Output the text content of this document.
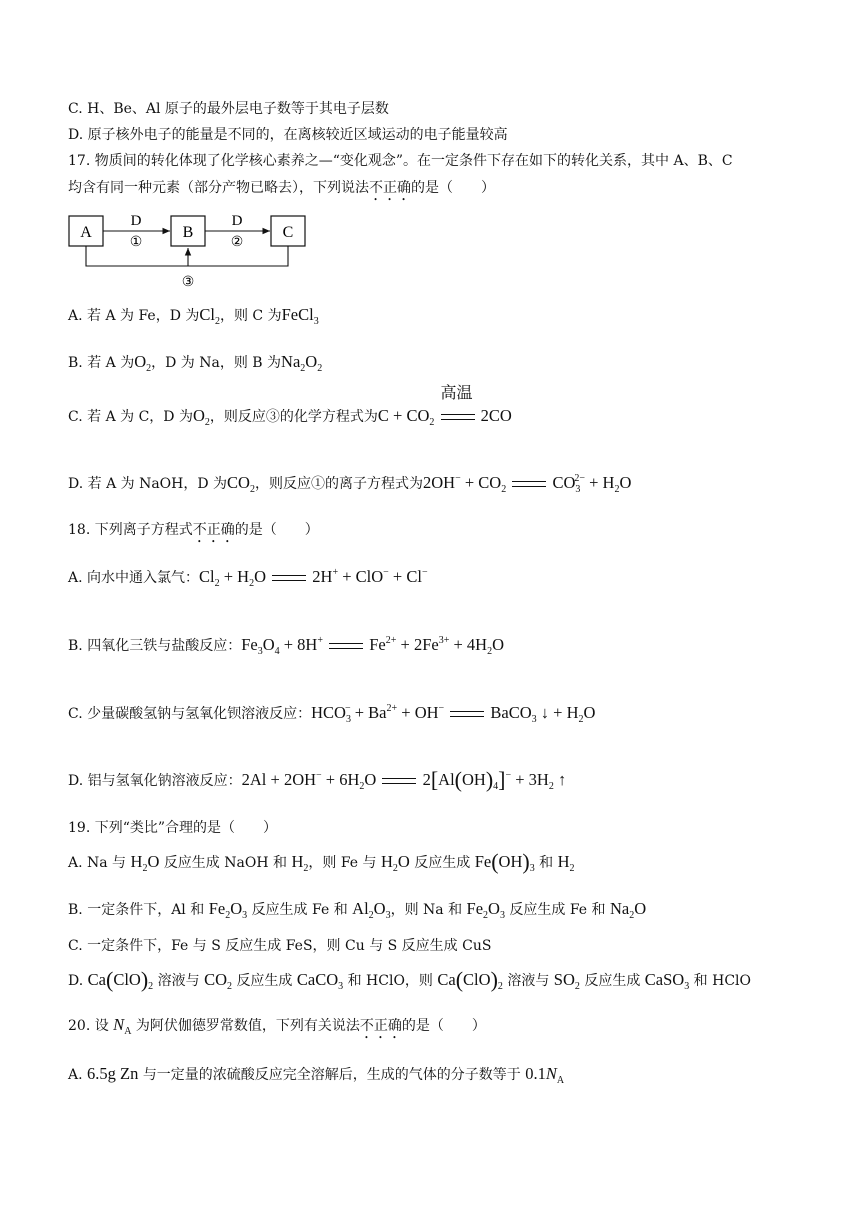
C. H、Be、Al 原子的最外层电子数等于其电子层数
D. 原子核外电子的能量是不同的，在离核较近区域运动的电子能量较高
17. 物质间的转化体现了化学核心素养之—“变化观念”。在一定条件下存在如下的转化关系，其中 A、B、C
均含有同一种元素（部分产物已略去），下列说法不正确的是（　　）
A	B	C
D
①
D
②
③
A. 若 A 为 Fe，D 为$Cl_2$，则 C 为FeCl$_3$
B. 若 A 为$O_2$，D 为 Na，则 B 为$Na_2O_2$
C. 若 A 为 C，D 为$O_2$，则反应③的化学方程式为$C + CO_2$
高温
2CO
D. 若 A 为 NaOH，D 为$CO_2$，则反应①的离子方程式为$2OH^- + CO_2$	$CO_3^{2-} + H_2O$
18. 下列离子方程式不正确的是（　　）
A. 向水中通入氯气：$Cl_2 + H_2O$  2H+ + ClO− + Cl−
B. 四氧化三铁与盐酸反应：$Fe_3O_4 + 8H^+$	$Fe^{2+} + 2Fe^{3+} + 4H_2O$
C. 少量碳酸氢钠与氢氧化钡溶液反应：$HCO_3^- + Ba^{2+} + OH^-$	BaCO$_3$ ↓ + $H_2O$
D. 铝与氢氧化钠溶液反应：$2Al + 2OH^- + 6H_2O$  $2[Al(OH)_4]^- + 3H_2$ ↑
19. 下列“类比”合理的是（　　）
A. Na 与 $H_2O$ 反应生成 NaOH 和 $H_2$，则 Fe 与 $H_2O$ 反应生成 $Fe(OH)_3$ 和 $H_2$
B. 一定条件下，Al 和 $Fe_2O_3$ 反应生成 Fe 和 $Al_2O_3$，则 Na 和 $Fe_2O_3$ 反应生成 Fe 和 $Na_2O$
C. 一定条件下，Fe 与 S 反应生成 FeS，则 Cu 与 S 反应生成 CuS
D. $Ca(ClO)_2$ 溶液与 $CO_2$ 反应生成 CaCO$_3$ 和 HClO，则 $Ca(ClO)_2$ 溶液与 $SO_2$ 反应生成 CaSO$_3$ 和 HClO
20. 设 $N_A$ 为阿伏伽德罗常数值，下列有关说法不正确的是（　　）
A. 6.5g Zn 与一定量的浓硫酸反应完全溶解后，生成的气体的分子数等于 $0.1N_A$
